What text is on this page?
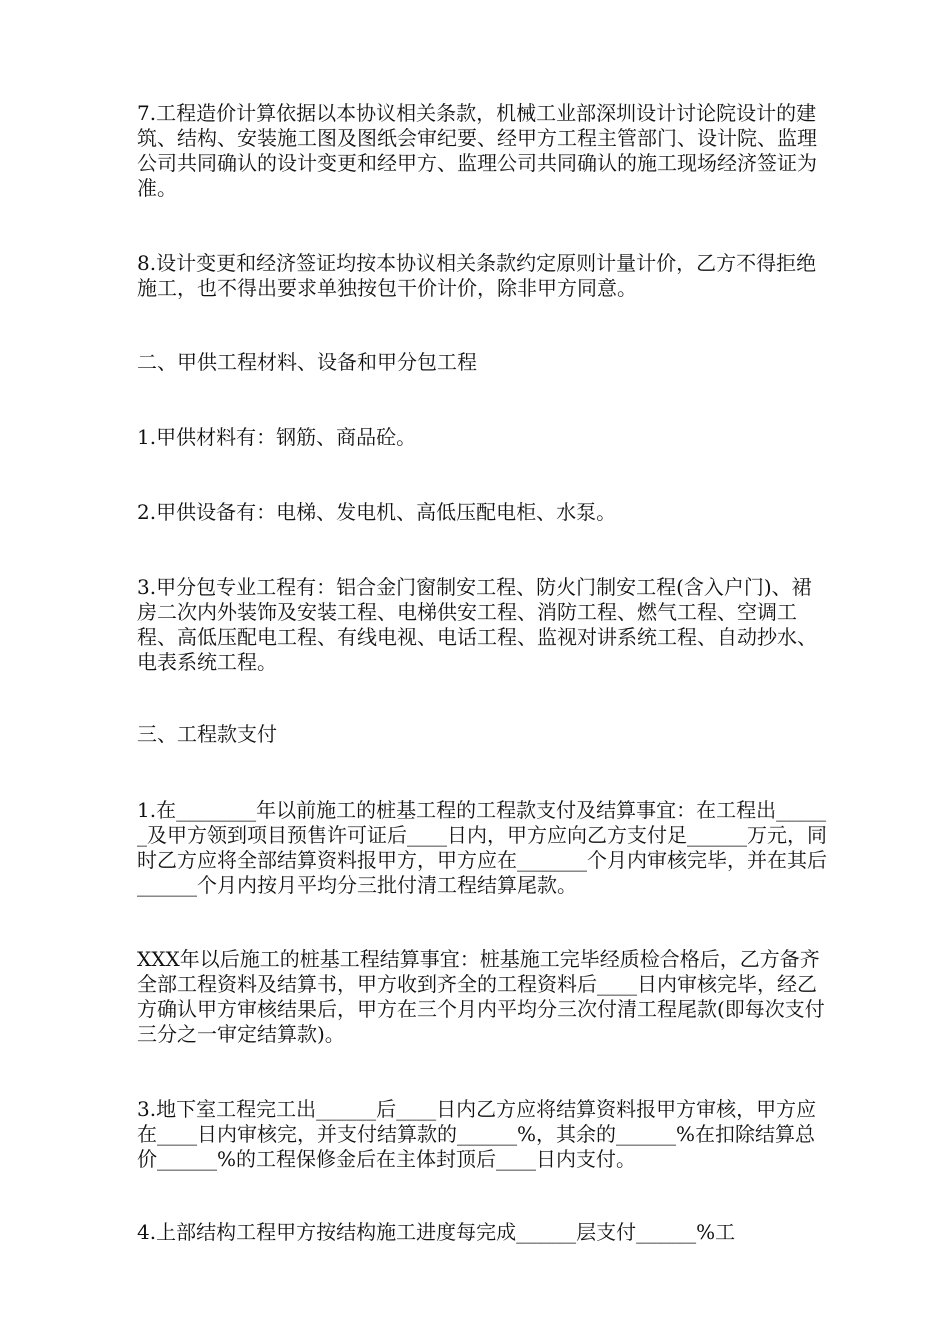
7.工程造价计算依据以本协议相关条款，机械工业部深圳设计讨论院设计的建筑、结构、安装施工图及图纸会审纪要、经甲方工程主管部门、设计院、监理公司共同确认的设计变更和经甲方、监理公司共同确认的施工现场经济签证为准。

8.设计变更和经济签证均按本协议相关条款约定原则计量计价，乙方不得拒绝施工，也不得出要求单独按包干价计价，除非甲方同意。

二、甲供工程材料、设备和甲分包工程

1.甲供材料有：钢筋、商品砼。

2.甲供设备有：电梯、发电机、高低压配电柜、水泵。

3.甲分包专业工程有：铝合金门窗制安工程、防火门制安工程(含入户门)、裙房二次内外装饰及安装工程、电梯供安工程、消防工程、燃气工程、空调工程、高低压配电工程、有线电视、电话工程、监视对讲系统工程、自动抄水、电表系统工程。

三、工程款支付

1.在________年以前施工的桩基工程的工程款支付及结算事宜：在工程出______及甲方领到项目预售许可证后____日内，甲方应向乙方支付足______万元，同时乙方应将全部结算资料报甲方，甲方应在_______个月内审核完毕，并在其后______个月内按月平均分三批付清工程结算尾款。

XXX年以后施工的桩基工程结算事宜：桩基施工完毕经质检合格后，乙方备齐全部工程资料及结算书，甲方收到齐全的工程资料后____日内审核完毕，经乙方确认甲方审核结果后，甲方在三个月内平均分三次付清工程尾款(即每次支付三分之一审定结算款)。

3.地下室工程完工出______后____日内乙方应将结算资料报甲方审核，甲方应在____日内审核完，并支付结算款的______%，其余的______%在扣除结算总价______%的工程保修金后在主体封顶后____日内支付。

4.上部结构工程甲方按结构施工进度每完成______层支付______%工
